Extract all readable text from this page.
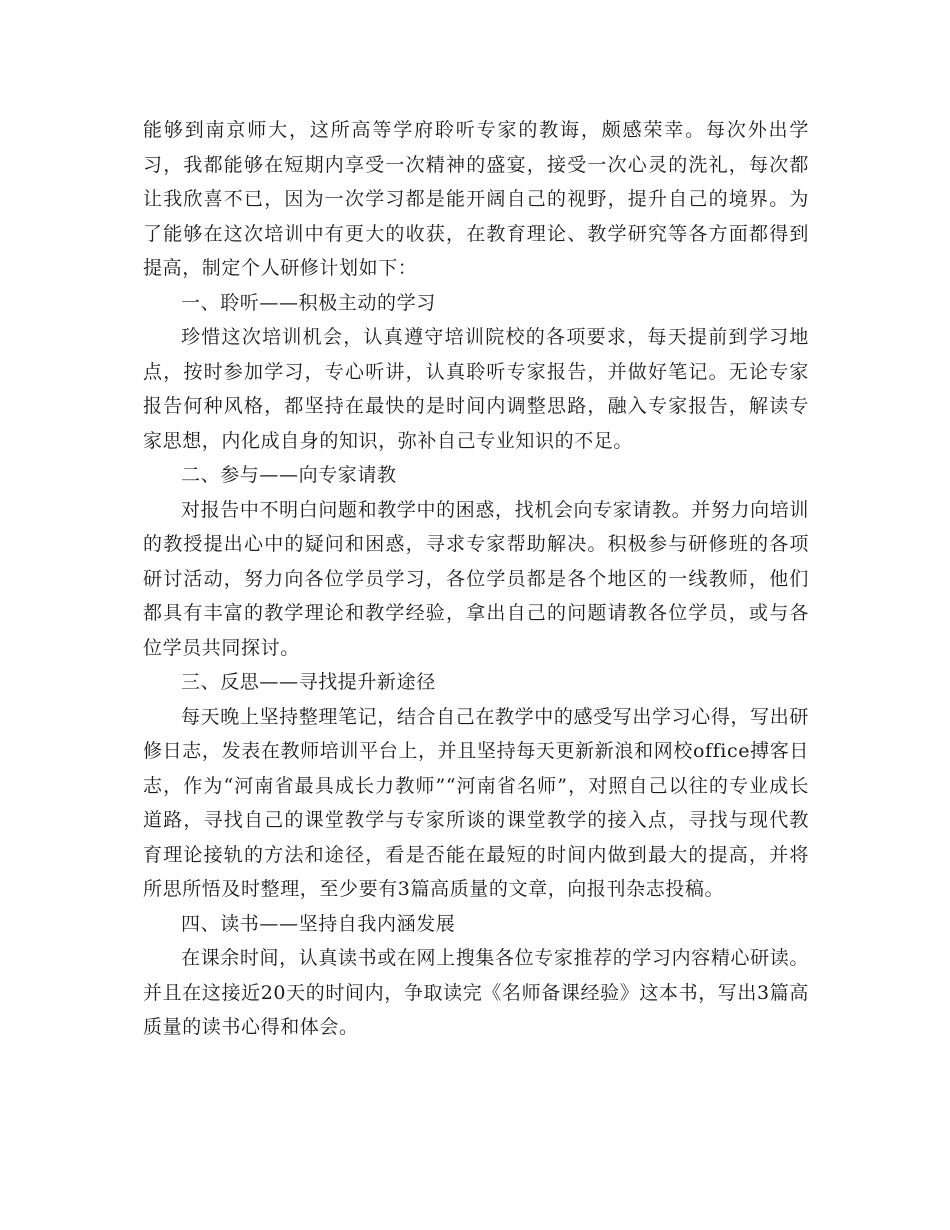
能够到南京师大，这所高等学府聆听专家的教诲，颇感荣幸。每次外出学习，我都能够在短期内享受一次精神的盛宴，接受一次心灵的洗礼，每次都让我欣喜不已，因为一次学习都是能开阔自己的视野，提升自己的境界。为了能够在这次培训中有更大的收获，在教育理论、教学研究等各方面都得到提高，制定个人研修计划如下：

一、聆听——积极主动的学习

珍惜这次培训机会，认真遵守培训院校的各项要求，每天提前到学习地点，按时参加学习，专心听讲，认真聆听专家报告，并做好笔记。无论专家报告何种风格，都坚持在最快的是时间内调整思路，融入专家报告，解读专家思想，内化成自身的知识，弥补自己专业知识的不足。

二、参与——向专家请教

对报告中不明白问题和教学中的困惑，找机会向专家请教。并努力向培训的教授提出心中的疑问和困惑，寻求专家帮助解决。积极参与研修班的各项研讨活动，努力向各位学员学习，各位学员都是各个地区的一线教师，他们都具有丰富的教学理论和教学经验，拿出自己的问题请教各位学员，或与各位学员共同探讨。

三、反思——寻找提升新途径

每天晚上坚持整理笔记，结合自己在教学中的感受写出学习心得，写出研修日志，发表在教师培训平台上，并且坚持每天更新新浪和网校office搏客日志，作为“河南省最具成长力教师”“河南省名师”，对照自己以往的专业成长道路，寻找自己的课堂教学与专家所谈的课堂教学的接入点，寻找与现代教育理论接轨的方法和途径，看是否能在最短的时间内做到最大的提高，并将所思所悟及时整理，至少要有3篇高质量的文章，向报刊杂志投稿。

四、读书——坚持自我内涵发展

在课余时间，认真读书或在网上搜集各位专家推荐的学习内容精心研读。并且在这接近20天的时间内，争取读完《名师备课经验》这本书，写出3篇高质量的读书心得和体会。
